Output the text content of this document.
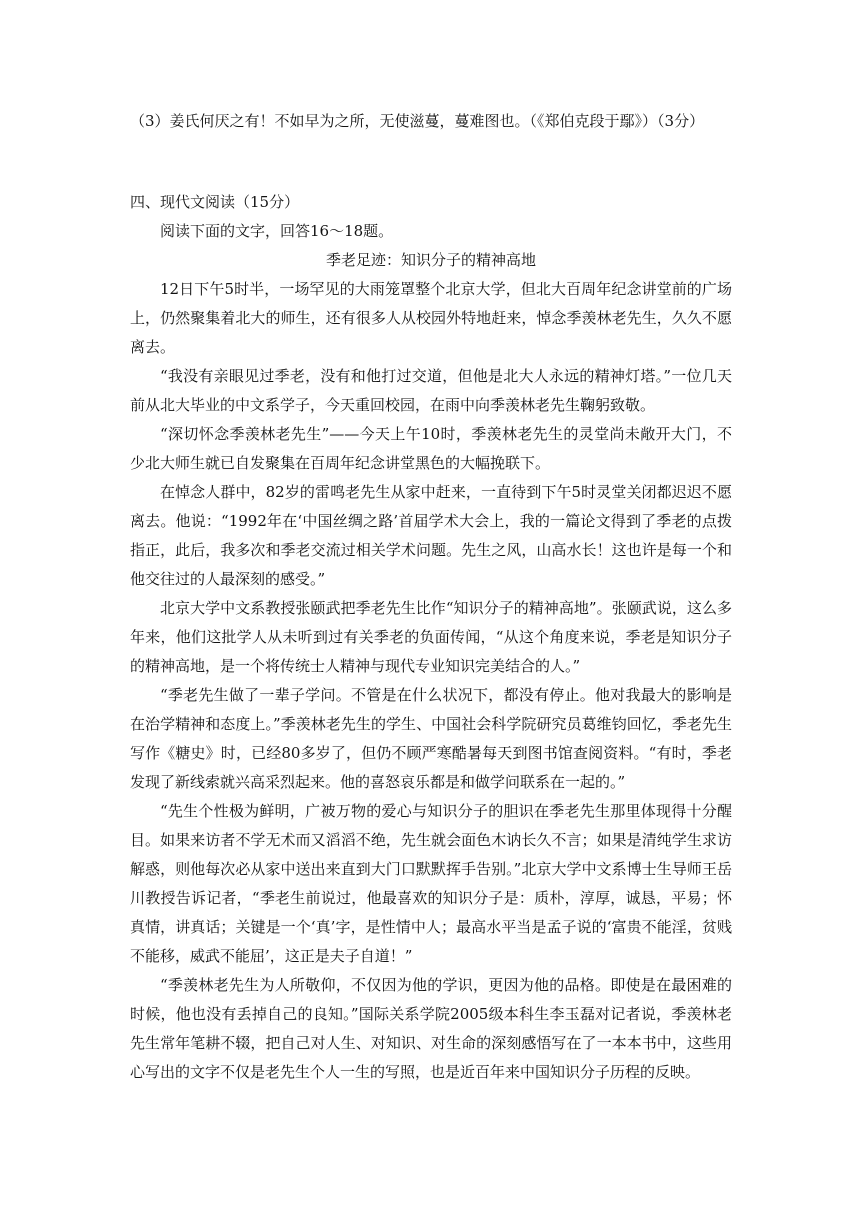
（3）姜氏何厌之有！不如早为之所，无使滋蔓，蔓难图也。（《郑伯克段于鄢》）（3分）

四、现代文阅读（15分）

阅读下面的文字，回答16～18题。

季老足迹：知识分子的精神高地

12日下午5时半，一场罕见的大雨笼罩整个北京大学，但北大百周年纪念讲堂前的广场上，仍然聚集着北大的师生，还有很多人从校园外特地赶来，悼念季羡林老先生，久久不愿离去。

“我没有亲眼见过季老，没有和他打过交道，但他是北大人永远的精神灯塔。”一位几天前从北大毕业的中文系学子，今天重回校园，在雨中向季羡林老先生鞠躬致敬。

“深切怀念季羡林老先生”——今天上午10时，季羡林老先生的灵堂尚未敞开大门，不少北大师生就已自发聚集在百周年纪念讲堂黑色的大幅挽联下。

在悼念人群中，82岁的雷鸣老先生从家中赶来，一直待到下午5时灵堂关闭都迟迟不愿离去。他说：“1992年在‘中国丝绸之路’首届学术大会上，我的一篇论文得到了季老的点拨指正，此后，我多次和季老交流过相关学术问题。先生之风，山高水长！这也许是每一个和他交往过的人最深刻的感受。”

北京大学中文系教授张颐武把季老先生比作“知识分子的精神高地”。张颐武说，这么多年来，他们这批学人从未听到过有关季老的负面传闻，“从这个角度来说，季老是知识分子的精神高地，是一个将传统士人精神与现代专业知识完美结合的人。”

“季老先生做了一辈子学问。不管是在什么状况下，都没有停止。他对我最大的影响是在治学精神和态度上。”季羡林老先生的学生、中国社会科学院研究员葛维钧回忆，季老先生写作《糖史》时，已经80多岁了，但仍不顾严寒酷暑每天到图书馆查阅资料。“有时，季老发现了新线索就兴高采烈起来。他的喜怒哀乐都是和做学问联系在一起的。”

“先生个性极为鲜明，广被万物的爱心与知识分子的胆识在季老先生那里体现得十分醒目。如果来访者不学无术而又滔滔不绝，先生就会面色木讷长久不言；如果是清纯学生求访解惑，则他每次必从家中送出来直到大门口默默挥手告别。”北京大学中文系博士生导师王岳川教授告诉记者，“季老生前说过，他最喜欢的知识分子是：质朴，淳厚，诚恳，平易；怀真情，讲真话；关键是一个‘真’字，是性情中人；最高水平当是孟子说的‘富贵不能淫，贫贱不能移，威武不能屈’，这正是夫子自道！”

“季羡林老先生为人所敬仰，不仅因为他的学识，更因为他的品格。即使是在最困难的时候，他也没有丢掉自己的良知。”国际关系学院2005级本科生李玉磊对记者说，季羡林老先生常年笔耕不辍，把自己对人生、对知识、对生命的深刻感悟写在了一本本书中，这些用心写出的文字不仅是老先生个人一生的写照，也是近百年来中国知识分子历程的反映。
